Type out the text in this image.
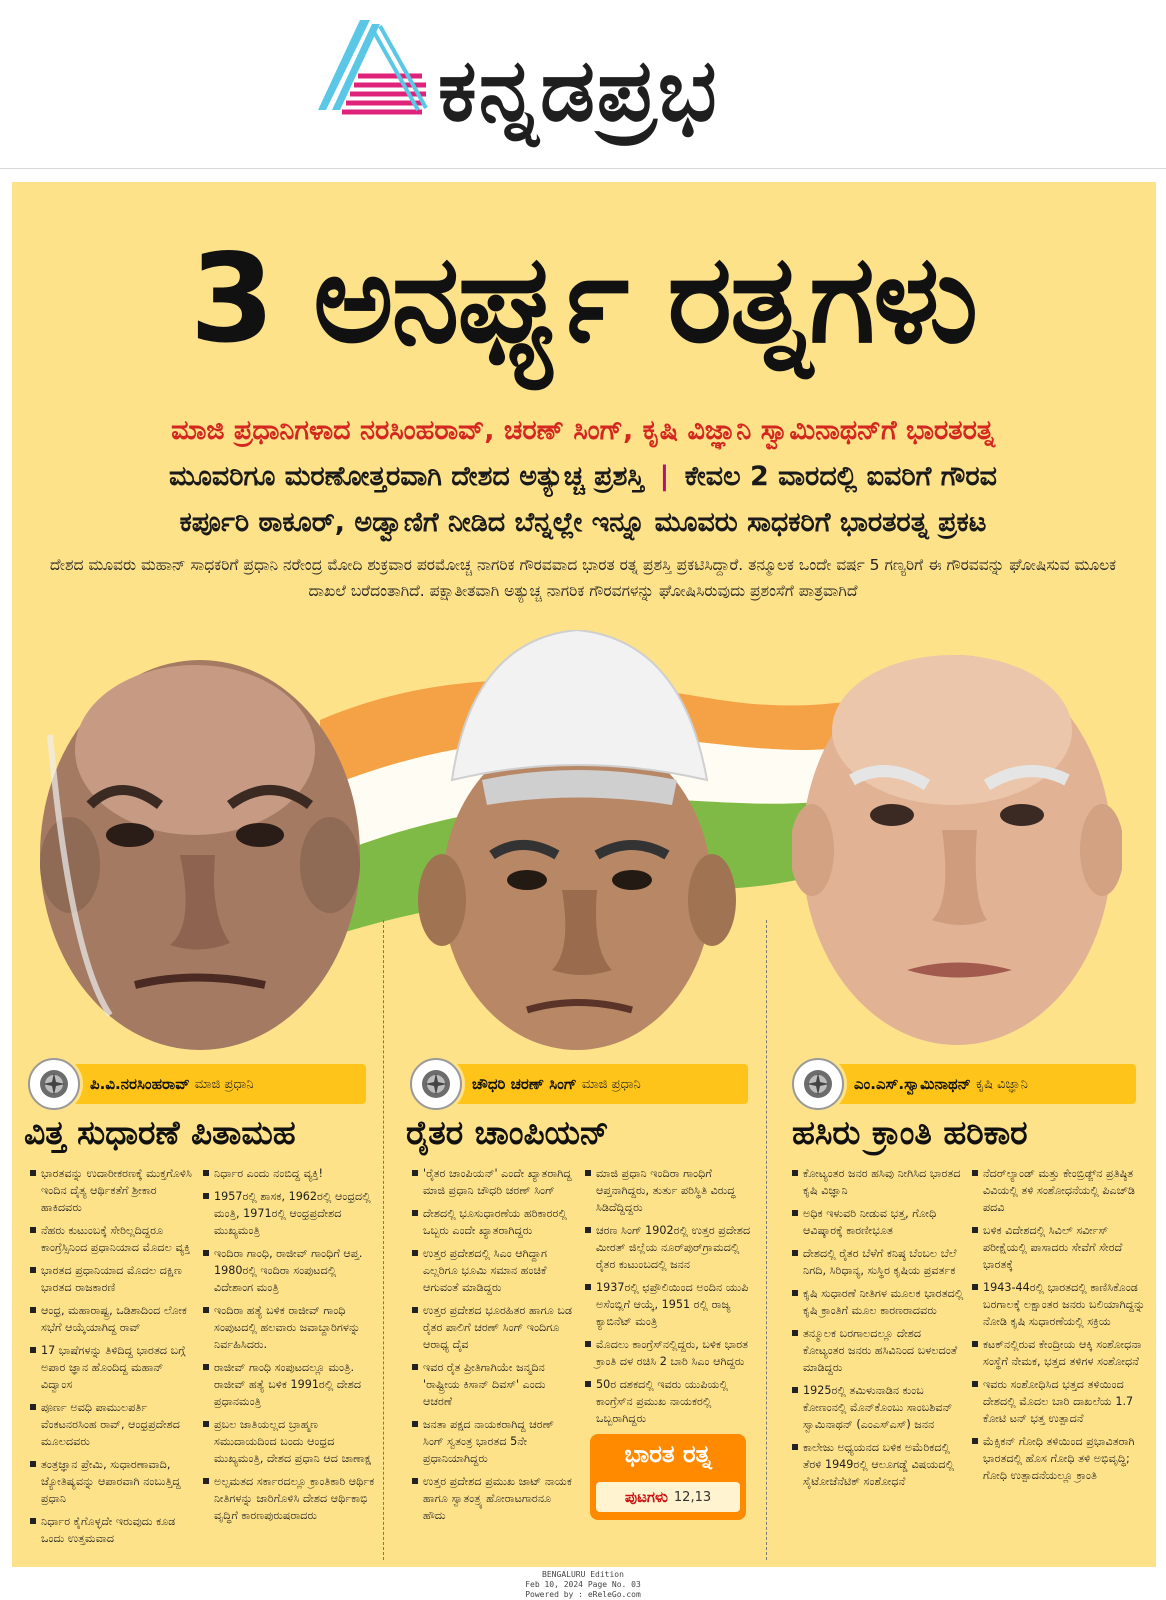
ಕನ್ನಡಪ್ರಭ
3 ಅನರ್ಘ್ಯ ರತ್ನಗಳು
ಮಾಜಿ ಪ್ರಧಾನಿಗಳಾದ ನರಸಿಂಹರಾವ್, ಚರಣ್ ಸಿಂಗ್, ಕೃಷಿ ವಿಜ್ಞಾನಿ ಸ್ವಾಮಿನಾಥನ್‌ಗೆ ಭಾರತರತ್ನ
ಮೂವರಿಗೂ ಮರಣೋತ್ತರವಾಗಿ ದೇಶದ ಅತ್ಯುಚ್ಚ ಪ್ರಶಸ್ತಿ | ಕೇವಲ 2 ವಾರದಲ್ಲಿ ಐವರಿಗೆ ಗೌರವ
ಕರ್ಪೂರಿ ಠಾಕೂರ್, ಅಡ್ವಾಣಿಗೆ ನೀಡಿದ ಬೆನ್ನಲ್ಲೇ ಇನ್ನೂ ಮೂವರು ಸಾಧಕರಿಗೆ ಭಾರತರತ್ನ ಪ್ರಕಟ
ದೇಶದ ಮೂವರು ಮಹಾನ್ ಸಾಧಕರಿಗೆ ಪ್ರಧಾನಿ ನರೇಂದ್ರ ಮೋದಿ ಶುಕ್ರವಾರ ಪರಮೋಚ್ಚ ನಾಗರಿಕ ಗೌರವವಾದ ಭಾರತ ರತ್ನ ಪ್ರಶಸ್ತಿ ಪ್ರಕಟಿಸಿದ್ದಾರೆ. ತನ್ಮೂಲಕ ಒಂದೇ ವರ್ಷ 5 ಗಣ್ಯರಿಗೆ ಈ ಗೌರವವನ್ನು ಘೋಷಿಸುವ ಮೂಲಕ ದಾಖಲೆ ಬರೆದಂತಾಗಿದೆ. ಪಕ್ಷಾತೀತವಾಗಿ ಅತ್ಯುಚ್ಚ ನಾಗರಿಕ ಗೌರವಗಳನ್ನು ಘೋಷಿಸಿರುವುದು ಪ್ರಶಂಸೆಗೆ ಪಾತ್ರವಾಗಿದೆ
ಪಿ.ವಿ.ನರಸಿಂಹರಾವ್ ಮಾಜಿ ಪ್ರಧಾನಿ
ವಿತ್ತ ಸುಧಾರಣೆ ಪಿತಾಮಹ
ಭಾರತವನ್ನು ಉದಾರೀಕರಣಕ್ಕೆ ಮುಕ್ತಗೊಳಿಸಿ ಇಂದಿನ ದೈತ್ಯ ಆರ್ಥಿಕತೆಗೆ ಶ್ರೀಕಾರ ಹಾಕಿದವರು
ನೆಹರು ಕುಟುಂಬಕ್ಕೆ ಸೇರಿಲ್ಲದಿದ್ದರೂ ಕಾಂಗ್ರೆಸ್ಸಿನಿಂದ ಪ್ರಧಾನಿಯಾದ ಮೊದಲ ವ್ಯಕ್ತಿ
ಭಾರತದ ಪ್ರಧಾನಿಯಾದ ಮೊದಲ ದಕ್ಷಿಣ ಭಾರತದ ರಾಜಕಾರಣಿ
ಆಂಧ್ರ, ಮಹಾರಾಷ್ಟ್ರ, ಒಡಿಶಾದಿಂದ ಲೋಕ ಸಭೆಗೆ ಆಯ್ಕೆಯಾಗಿದ್ದ ರಾವ್
17 ಭಾಷೆಗಳನ್ನು ತಿಳಿದಿದ್ದ ಭಾರತದ ಬಗ್ಗೆ ಅಪಾರ ಜ್ಞಾನ ಹೊಂದಿದ್ದ ಮಹಾನ್ ವಿದ್ವಾಂಸ
ಪೂರ್ಣ ಅವಧಿ ಪಾಮುಲಪರ್ತಿ ವೆಂಕಟನರಸಿಂಹ ರಾವ್, ಆಂಧ್ರಪ್ರದೇಶದ ಮೂಲದವರು
ತಂತ್ರಜ್ಞಾನ ಪ್ರೇಮಿ, ಸುಧಾರಣಾವಾದಿ, ಜ್ಯೋತಿಷ್ಯವನ್ನು ಆಪಾರವಾಗಿ ನಂಬುತ್ತಿದ್ದ ಪ್ರಧಾನಿ
ನಿರ್ಧಾರ ಕೈಗೊಳ್ಳದೇ ಇರುವುದು ಕೂಡ ಒಂದು ಉತ್ತಮವಾದ
ನಿರ್ಧಾರ ಎಂದು ನಂಬಿದ್ದ ವ್ಯಕ್ತಿ!
1957ರಲ್ಲಿ ಶಾಸಕ, 1962ರಲ್ಲಿ ಆಂಧ್ರದಲ್ಲಿ ಮಂತ್ರಿ, 1971ರಲ್ಲಿ ಆಂಧ್ರಪ್ರದೇಶದ ಮುಖ್ಯಮಂತ್ರಿ
ಇಂದಿರಾ ಗಾಂಧಿ, ರಾಜೀವ್ ಗಾಂಧಿಗೆ ಆಪ್ತ. 1980ರಲ್ಲಿ ಇಂದಿರಾ ಸಂಪುಟದಲ್ಲಿ ವಿದೇಶಾಂಗ ಮಂತ್ರಿ
ಇಂದಿರಾ ಹತ್ಯೆ ಬಳಿಕ ರಾಜೀವ್ ಗಾಂಧಿ ಸಂಪುಟದಲ್ಲಿ ಹಲವಾರು ಜವಾಬ್ದಾರಿಗಳನ್ನು ನಿರ್ವಹಿಸಿದರು.
ರಾಜೀವ್ ಗಾಂಧಿ ಸಂಪುಟದಲ್ಲೂ ಮಂತ್ರಿ. ರಾಜೀವ್ ಹತ್ಯೆ ಬಳಿಕ 1991ರಲ್ಲಿ ದೇಶದ ಪ್ರಧಾನಮಂತ್ರಿ
ಪ್ರಬಲ ಜಾತಿಯಲ್ಲದ ಬ್ರಾಹ್ಮಣ ಸಮುದಾಯದಿಂದ ಬಂದು ಆಂಧ್ರದ ಮುಖ್ಯಮಂತ್ರಿ, ದೇಶದ ಪ್ರಧಾನಿ ಆದ ಚಾಣಾಕ್ಷ
ಅಲ್ಪಮತದ ಸರ್ಕಾರದಲ್ಲೂ ಕ್ರಾಂತಿಕಾರಿ ಆರ್ಥಿಕ ನೀತಿಗಳನ್ನು ಜಾರಿಗೊಳಿಸಿ ದೇಶದ ಆರ್ಥಿಕಾಭಿ ವೃದ್ಧಿಗೆ ಕಾರಣಪುರುಷರಾದರು
ಚೌಧರಿ ಚರಣ್ ಸಿಂಗ್ ಮಾಜಿ ಪ್ರಧಾನಿ
ರೈತರ ಚಾಂಪಿಯನ್
'ರೈತರ ಚಾಂಪಿಯನ್' ಎಂದೇ ಖ್ಯಾತರಾಗಿದ್ದ ಮಾಜಿ ಪ್ರಧಾನಿ ಚೌಧರಿ ಚರಣ್ ಸಿಂಗ್
ದೇಶದಲ್ಲಿ ಭೂಸುಧಾರಣೆಯ ಹರಿಕಾರರಲ್ಲಿ ಒಬ್ಬರು ಎಂದೇ ಖ್ಯಾತರಾಗಿದ್ದರು
ಉತ್ತರ ಪ್ರದೇಶದಲ್ಲಿ ಸಿಎಂ ಆಗಿದ್ದಾಗ ಎಲ್ಲರಿಗೂ ಭೂಮಿ ಸಮಾನ ಹಂಚಿಕೆ ಆಗುವಂತೆ ಮಾಡಿದ್ದರು
ಉತ್ತರ ಪ್ರದೇಶದ ಭೂರಹಿತರ ಹಾಗೂ ಬಡ ರೈತರ ಪಾಲಿಗೆ ಚರಣ್ ಸಿಂಗ್ ಇಂದಿಗೂ ಆರಾಧ್ಯ ದೈವ
ಇವರ ರೈತ ಪ್ರೀತಿಗಾಗಿಯೇ ಜನ್ಮದಿನ 'ರಾಷ್ಟ್ರೀಯ ಕಿಸಾನ್ ದಿವಸ್' ಎಂದು ಆಚರಣೆ
ಜನತಾ ಪಕ್ಷದ ನಾಯಕರಾಗಿದ್ದ ಚರಣ್ ಸಿಂಗ್ ಸ್ವತಂತ್ರ ಭಾರತದ 5ನೇ ಪ್ರಧಾನಿಯಾಗಿದ್ದರು
ಉತ್ತರ ಪ್ರದೇಶದ ಪ್ರಮುಖ ಜಾಟ್ ನಾಯಕ ಹಾಗೂ ಸ್ವಾತಂತ್ರ್ಯ ಹೋರಾಟಗಾರನೂ ಹೌದು
ಮಾಜಿ ಪ್ರಧಾನಿ ಇಂದಿರಾ ಗಾಂಧಿಗೆ ಆಪ್ತನಾಗಿದ್ದರು, ತುರ್ತು ಪರಿಸ್ಥಿತಿ ವಿರುದ್ಧ ಸಿಡಿದೆದ್ದಿದ್ದರು
ಚರಣ ಸಿಂಗ್ 1902ರಲ್ಲಿ ಉತ್ತರ ಪ್ರದೇಶದ ಮೀರತ್ ಜಿಲ್ಲೆಯ ನೂರ್‌ಪುರ್‌ಗ್ರಾಮದಲ್ಲಿ ರೈತರ ಕುಟುಂಬದಲ್ಲಿ ಜನನ
1937ರಲ್ಲಿ ಛಪ್ರೌಲಿಯಿಂದ ಅಂದಿನ ಯುಪಿ ಅಸೆಂಬ್ಲಿಗೆ ಆಯ್ಕೆ, 1951 ರಲ್ಲಿ ರಾಜ್ಯ ಕ್ಯಾಬಿನೆಟ್ ಮಂತ್ರಿ
ಮೊದಲು ಕಾಂಗ್ರೆಸ್‌ನಲ್ಲಿದ್ದರು, ಬಳಿಕ ಭಾರತ ಕ್ರಾಂತಿ ದಳ ರಚಿಸಿ 2 ಬಾರಿ ಸಿಎಂ ಆಗಿದ್ದರು
50ರ ದಶಕದಲ್ಲಿ ಇವರು ಯುಪಿಯಲ್ಲಿ ಕಾಂಗ್ರೆಸ್‌ನ ಪ್ರಮುಖ ನಾಯಕರಲ್ಲಿ ಒಬ್ಬರಾಗಿದ್ದರು
ಭಾರತ ರತ್ನ
ಪುಟಗಳು 12,13
ಎಂ.ಎಸ್.ಸ್ವಾಮಿನಾಥನ್ ಕೃಷಿ ವಿಜ್ಞಾನಿ
ಹಸಿರು ಕ್ರಾಂತಿ ಹರಿಕಾರ
ಕೋಟ್ಯಂತರ ಜನರ ಹಸಿವು ನೀಗಿಸಿದ ಭಾರತದ ಕೃಷಿ ವಿಜ್ಞಾನಿ
ಅಧಿಕ ಇಳುವರಿ ನೀಡುವ ಭತ್ತ, ಗೋಧಿ ಆವಿಷ್ಕಾರಕ್ಕೆ ಕಾರಣೀಭೂತ
ದೇಶದಲ್ಲಿ ರೈತರ ಬೆಳೆಗೆ ಕನಿಷ್ಠ ಬೆಂಬಲ ಬೆಲೆ ನಿಗದಿ, ಸಿರಿಧಾನ್ಯ, ಸುಸ್ಥಿರ ಕೃಷಿಯ ಪ್ರವರ್ತಕ
ಕೃಷಿ ಸುಧಾರಣೆ ನೀತಿಗಳ ಮೂಲಕ ಭಾರತದಲ್ಲಿ ಕೃಷಿ ಕ್ರಾಂತಿಗೆ ಮೂಲ ಕಾರಣರಾದವರು
ತನ್ಮೂಲಕ ಬರಗಾಲದಲ್ಲೂ ದೇಶದ ಕೋಟ್ಯಂತರ ಜನರು ಹಸಿವಿನಿಂದ ಬಳಲದಂತೆ ಮಾಡಿದ್ದರು
1925ರಲ್ಲಿ ತಮಿಳುನಾಡಿನ ಕುಂಬ ಕೋಣಂನಲ್ಲಿ ಮೊನ್‌ಕೊಂಬು ಸಾಂಬಶಿವನ್ ಸ್ವಾಮಿನಾಥನ್ (ಎಂಎಸ್‌ಎಸ್) ಜನನ
ಕಾಲೇಜು ಅಧ್ಯಯನದ ಬಳಿಕ ಅಮೆರಿಕದಲ್ಲಿ ತೆರಳಿ 1949ರಲ್ಲಿ ಆಲೂಗಡ್ಡೆ ವಿಷಯದಲ್ಲಿ ಸೈಟೋಜೆನೆಟಿಕ್ ಸಂಶೋಧನೆ
ನೆದರ್‌ಲ್ಯಾಂಡ್ ಮತ್ತು ಕೇಂಬ್ರಿಡ್ಜ್‌ನ ಪ್ರತಿಷ್ಠಿತ ವಿವಿಯಲ್ಲಿ ತಳಿ ಸಂಶೋಧನೆಯಲ್ಲಿ ಪಿಎಚ್‌ಡಿ ಪದವಿ
ಬಳಿಕ ವಿದೇಶದಲ್ಲಿ ಸಿವಿಲ್ ಸರ್ವೀಸ್ ಪರೀಕ್ಷೆಯಲ್ಲಿ ಪಾಸಾದರು ಸೇವೆಗೆ ಸೇರದೆ ಭಾರತಕ್ಕೆ
1943-44ರಲ್ಲಿ ಭಾರತದಲ್ಲಿ ಕಾಣಿಸಿಕೊಂಡ ಬರಗಾಲಕ್ಕೆ ಲಕ್ಷಾಂತರ ಜನರು ಬಲಿಯಾಗಿದ್ದನ್ನು ನೋಡಿ ಕೃಷಿ ಸುಧಾರಣೆಯಲ್ಲಿ ಸಕ್ರಿಯ
ಕಟಕ್‌ನಲ್ಲಿರುವ ಕೇಂದ್ರೀಯ ಆಕ್ಕಿ ಸಂಶೋಧನಾ ಸಂಸ್ಥೆಗೆ ನೇಮಕ, ಭತ್ತದ ತಳಿಗಳ ಸಂಶೋಧನೆ
ಇವರು ಸಂಶೋಧಿಸಿದ ಭತ್ತದ ತಳಿಯಿಂದ ದೇಶದಲ್ಲಿ ಮೊದಲ ಬಾರಿ ದಾಖಲೆಯ 1.7 ಕೋಟಿ ಟನ್ ಭತ್ತ ಉತ್ಪಾದನೆ
ಮೆಕ್ಸಿಕನ್ ಗೋಧಿ ತಳಿಯಿಂದ ಪ್ರಭಾವಿತರಾಗಿ ಭಾರತದಲ್ಲಿ ಹೊಸ ಗೋಧಿ ತಳಿ ಅಭಿವೃದ್ಧಿ; ಗೋಧಿ ಉತ್ಪಾದನೆಯಲ್ಲೂ ಕ್ರಾಂತಿ
BENGALURU Edition
Feb 10, 2024 Page No. 03
Powered by : eReleGo.com
